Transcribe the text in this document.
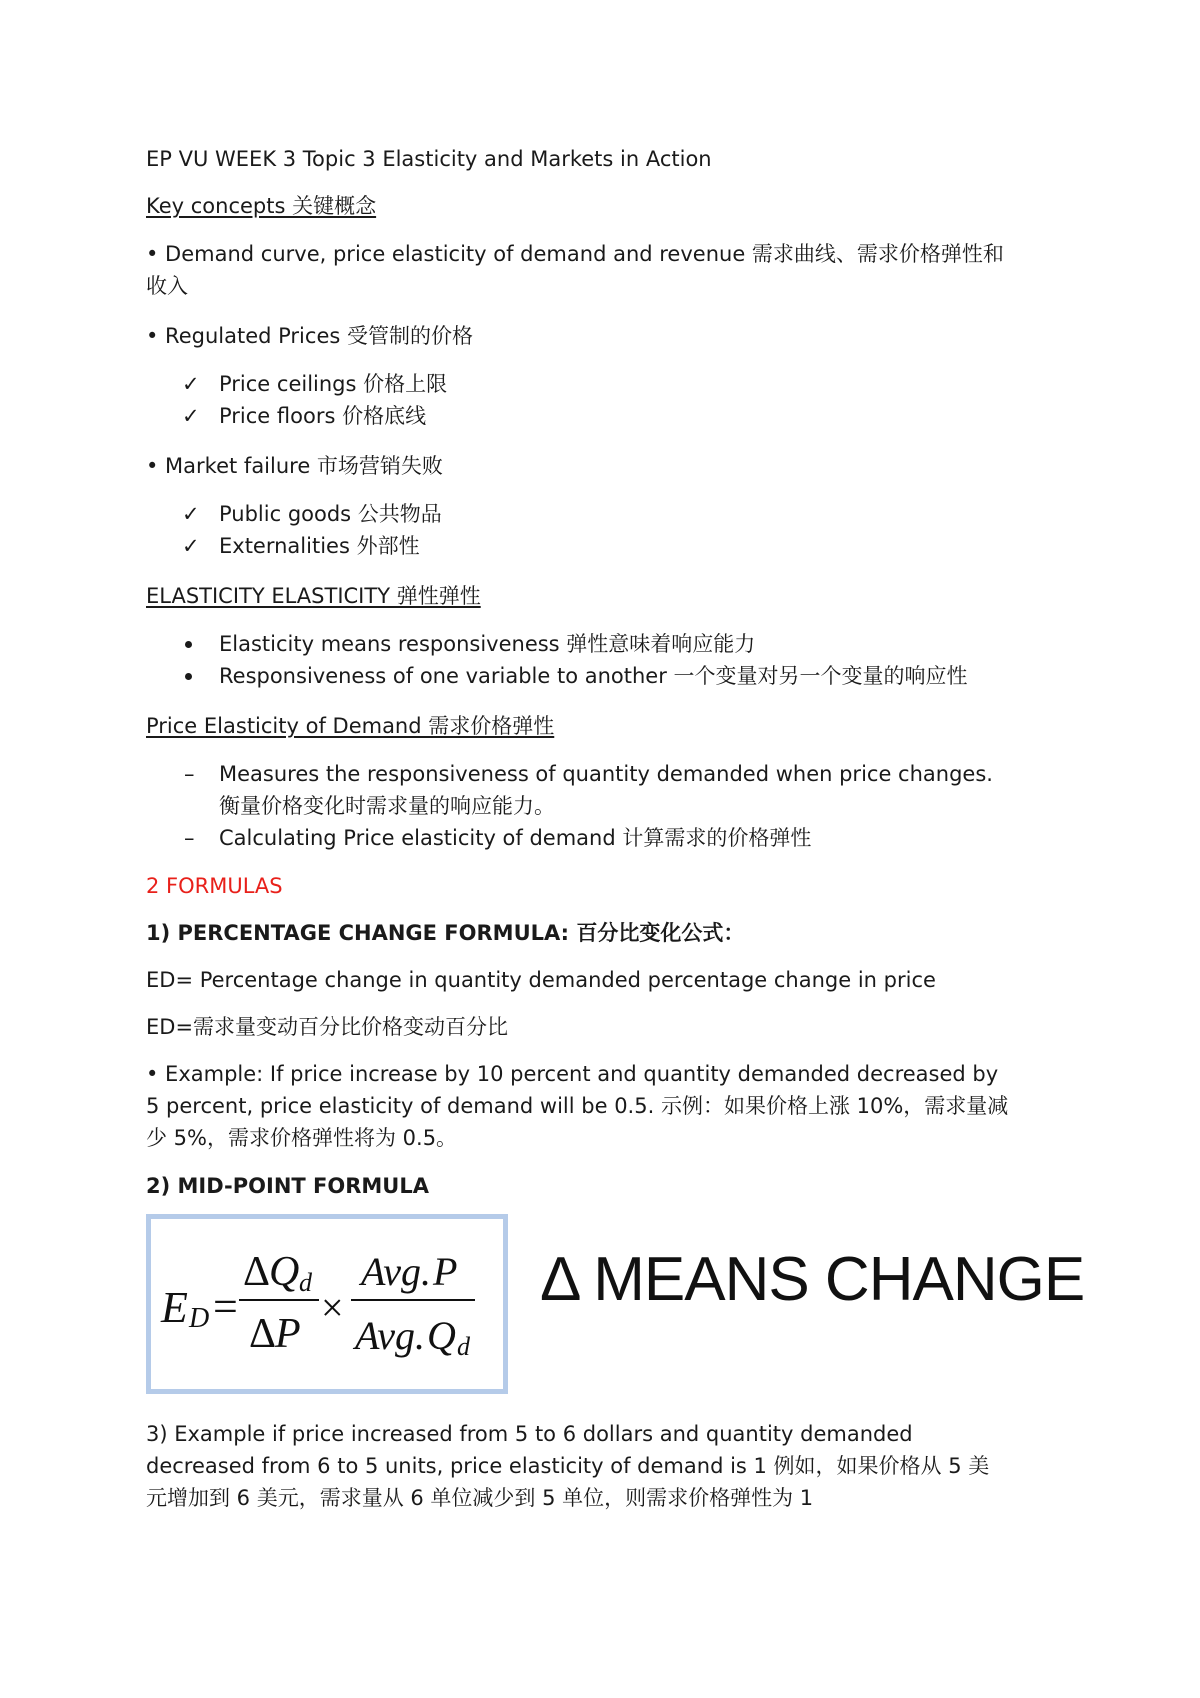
EP VU WEEK 3 Topic 3 Elasticity and Markets in Action
Key concepts 关键概念
• Demand curve, price elasticity of demand and revenue 需求曲线、需求价格弹性和
收入
• Regulated Prices 受管制的价格
✓ Price ceilings 价格上限
✓ Price floors 价格底线
• Market failure 市场营销失败
✓ Public goods 公共物品
✓ Externalities 外部性
ELASTICITY ELASTICITY 弹性弹性
Elasticity means responsiveness 弹性意味着响应能力
Responsiveness of one variable to another 一个变量对另一个变量的响应性
Price Elasticity of Demand 需求价格弹性
– Measures the responsiveness of quantity demanded when price changes.
衡量价格变化时需求量的响应能力。
– Calculating Price elasticity of demand 计算需求的价格弹性
2 FORMULAS
1) PERCENTAGE CHANGE FORMULA: 百分比变化公式：
ED= Percentage change in quantity demanded percentage change in price
ED=需求量变动百分比价格变动百分比
• Example: If price increase by 10 percent and quantity demanded decreased by
5 percent, price elasticity of demand will be 0.5. 示例：如果价格上涨 10%，需求量减
少 5%，需求价格弹性将为 0.5。
2) MID-POINT FORMULA
3) Example if price increased from 5 to 6 dollars and quantity demanded
decreased from 6 to 5 units, price elasticity of demand is 1 例如，如果价格从 5 美
元增加到 6 美元，需求量从 6 单位减少到 5 单位，则需求价格弹性为 1
E D =
Δ
Q d
Δ
P
×
Avg . P
Avg . Q d
Δ MEANS CHANGE
